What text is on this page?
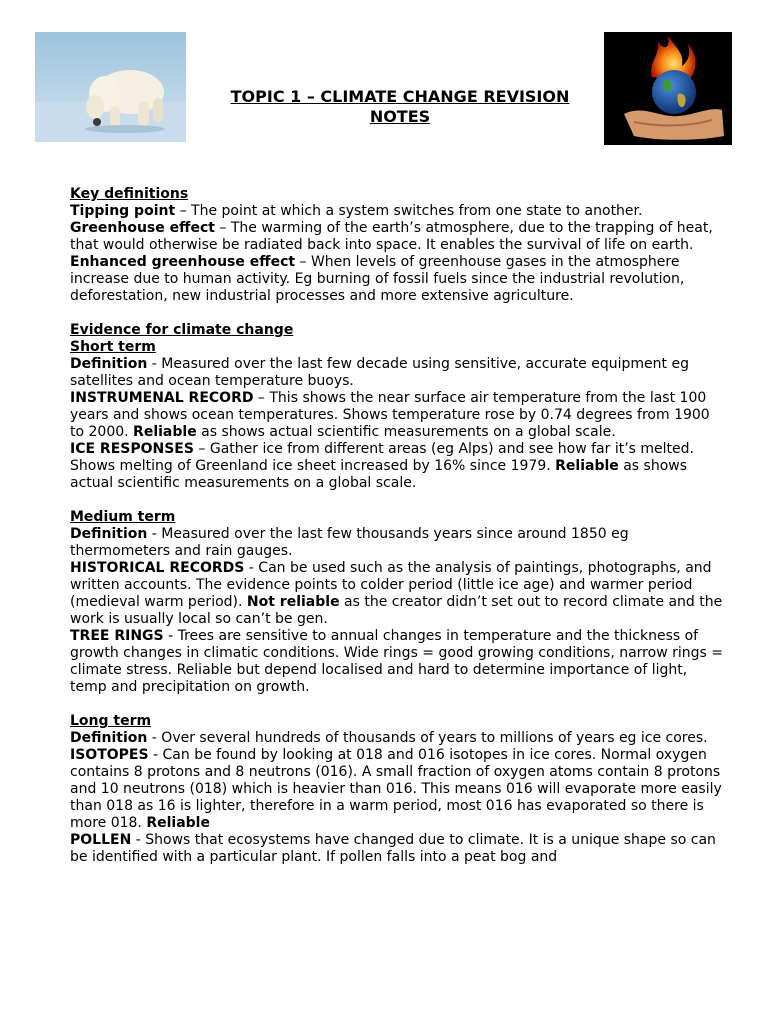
TOPIC 1 – CLIMATE CHANGE REVISION
NOTES

Key definitions

Tipping point – The point at which a system switches from one state to another.

Greenhouse effect – The warming of the earth’s atmosphere, due to the trapping of heat, that would otherwise be radiated back into space. It enables the survival of life on earth.

Enhanced greenhouse effect – When levels of greenhouse gases in the atmosphere increase due to human activity. Eg burning of fossil fuels since the industrial revolution, deforestation, new industrial processes and more extensive agriculture.

Evidence for climate change

Short term

Definition - Measured over the last few decade using sensitive, accurate equipment eg satellites and ocean temperature buoys.

INSTRUMENAL RECORD – This shows the near surface air temperature from the last 100 years and shows ocean temperatures. Shows temperature rose by 0.74 degrees from 1900 to 2000. Reliable as shows actual scientific measurements on a global scale.

ICE RESPONSES – Gather ice from different areas (eg Alps) and see how far it’s melted. Shows melting of Greenland ice sheet increased by 16% since 1979. Reliable as shows actual scientific measurements on a global scale.

Medium term

Definition - Measured over the last few thousands years since around 1850 eg thermometers and rain gauges.

HISTORICAL RECORDS - Can be used such as the analysis of paintings, photographs, and written accounts. The evidence points to colder period (little ice age) and warmer period (medieval warm period). Not reliable as the creator didn’t set out to record climate and the work is usually local so can’t be gen.

TREE RINGS - Trees are sensitive to annual changes in temperature and the thickness of growth changes in climatic conditions. Wide rings = good growing conditions, narrow rings = climate stress. Reliable but depend localised and hard to determine importance of light, temp and precipitation on growth.

Long term

Definition - Over several hundreds of thousands of years to millions of years eg ice cores.

ISOTOPES - Can be found by looking at 018 and 016 isotopes in ice cores. Normal oxygen contains 8 protons and 8 neutrons (016). A small fraction of oxygen atoms contain 8 protons and 10 neutrons (018) which is heavier than 016. This means 016 will evaporate more easily than 018 as 16 is lighter, therefore in a warm period, most 016 has evaporated so there is more 018. Reliable

POLLEN - Shows that ecosystems have changed due to climate. It is a unique shape so can be identified with a particular plant. If pollen falls into a peat bog and
